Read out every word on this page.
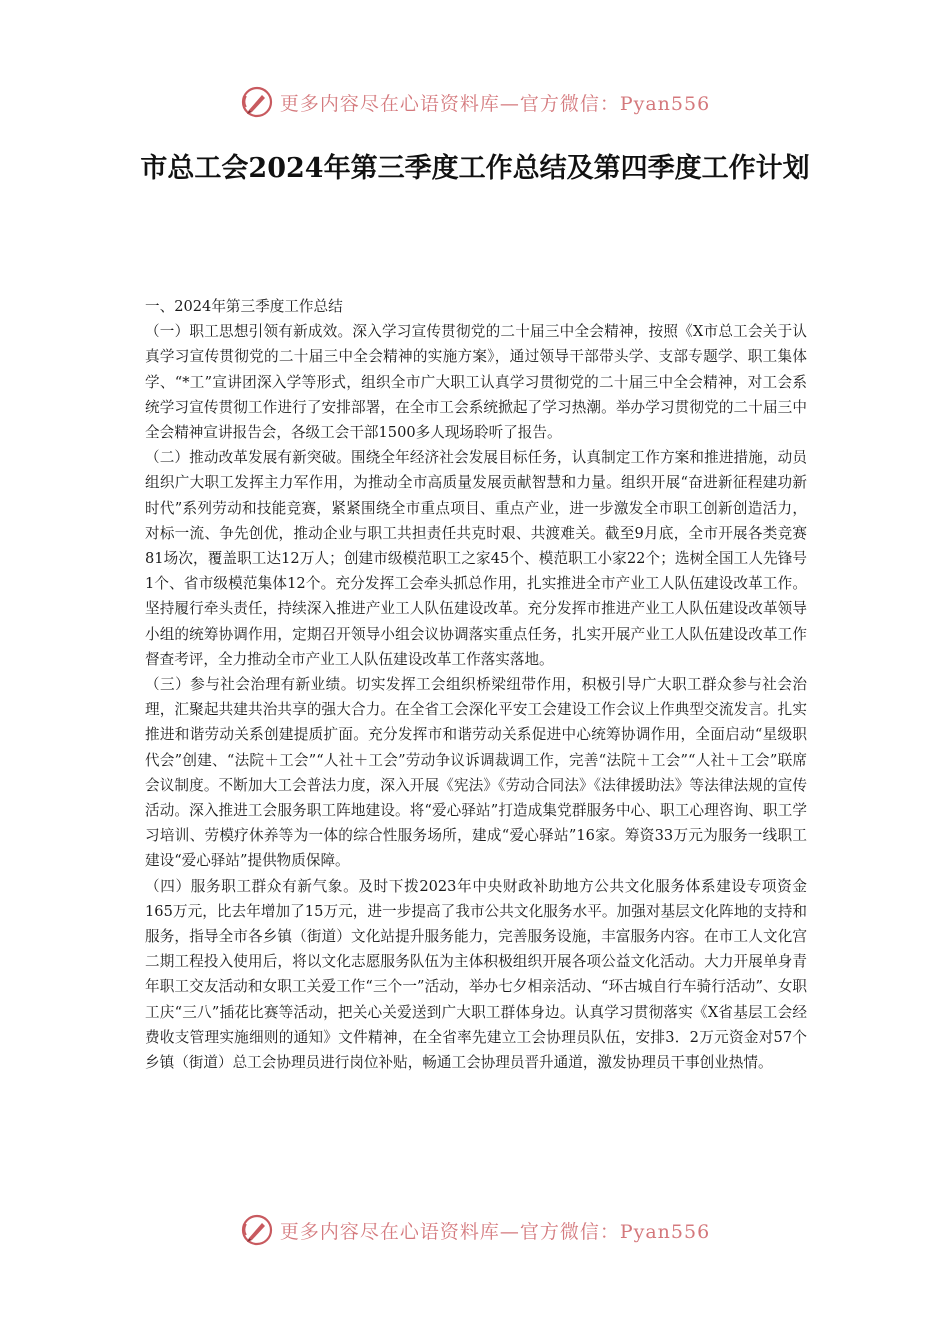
更多内容尽在心语资料库—官方微信：Pyan556
市总工会2024年第三季度工作总结及第四季度工作计划

一、2024年第三季度工作总结

（一）职工思想引领有新成效。深入学习宣传贯彻党的二十届三中全会精神，按照《X市总工会关于认真学习宣传贯彻党的二十届三中全会精神的实施方案》，通过领导干部带头学、支部专题学、职工集体学、“*工”宣讲团深入学等形式，组织全市广大职工认真学习贯彻党的二十届三中全会精神，对工会系统学习宣传贯彻工作进行了安排部署，在全市工会系统掀起了学习热潮。举办学习贯彻党的二十届三中全会精神宣讲报告会，各级工会干部1500多人现场聆听了报告。

（二）推动改革发展有新突破。围绕全年经济社会发展目标任务，认真制定工作方案和推进措施，动员组织广大职工发挥主力军作用，为推动全市高质量发展贡献智慧和力量。组织开展“奋进新征程建功新时代”系列劳动和技能竞赛，紧紧围绕全市重点项目、重点产业，进一步激发全市职工创新创造活力，对标一流、争先创优，推动企业与职工共担责任共克时艰、共渡难关。截至9月底，全市开展各类竞赛81场次，覆盖职工达12万人；创建市级模范职工之家45个、模范职工小家22个；选树全国工人先锋号1个、省市级模范集体12个。充分发挥工会牵头抓总作用，扎实推进全市产业工人队伍建设改革工作。坚持履行牵头责任，持续深入推进产业工人队伍建设改革。充分发挥市推进产业工人队伍建设改革领导小组的统筹协调作用，定期召开领导小组会议协调落实重点任务，扎实开展产业工人队伍建设改革工作督查考评，全力推动全市产业工人队伍建设改革工作落实落地。

（三）参与社会治理有新业绩。切实发挥工会组织桥梁纽带作用，积极引导广大职工群众参与社会治理，汇聚起共建共治共享的强大合力。在全省工会深化平安工会建设工作会议上作典型交流发言。扎实推进和谐劳动关系创建提质扩面。充分发挥市和谐劳动关系促进中心统筹协调作用，全面启动“星级职代会”创建、“法院＋工会”“人社＋工会”劳动争议诉调裁调工作，完善“法院＋工会”“人社＋工会”联席会议制度。不断加大工会普法力度，深入开展《宪法》《劳动合同法》《法律援助法》等法律法规的宣传活动。深入推进工会服务职工阵地建设。将“爱心驿站”打造成集党群服务中心、职工心理咨询、职工学习培训、劳模疗休养等为一体的综合性服务场所，建成“爱心驿站”16家。筹资33万元为服务一线职工建设“爱心驿站”提供物质保障。

（四）服务职工群众有新气象。及时下拨2023年中央财政补助地方公共文化服务体系建设专项资金165万元，比去年增加了15万元，进一步提高了我市公共文化服务水平。加强对基层文化阵地的支持和服务，指导全市各乡镇（街道）文化站提升服务能力，完善服务设施，丰富服务内容。在市工人文化宫二期工程投入使用后，将以文化志愿服务队伍为主体积极组织开展各项公益文化活动。大力开展单身青年职工交友活动和女职工关爱工作“三个一”活动，举办七夕相亲活动、“环古城自行车骑行活动”、女职工庆“三八”插花比赛等活动，把关心关爱送到广大职工群体身边。认真学习贯彻落实《X省基层工会经费收支管理实施细则的通知》文件精神，在全省率先建立工会协理员队伍，安排3．2万元资金对57个乡镇（街道）总工会协理员进行岗位补贴，畅通工会协理员晋升通道，激发协理员干事创业热情。

更多内容尽在心语资料库—官方微信：Pyan556
